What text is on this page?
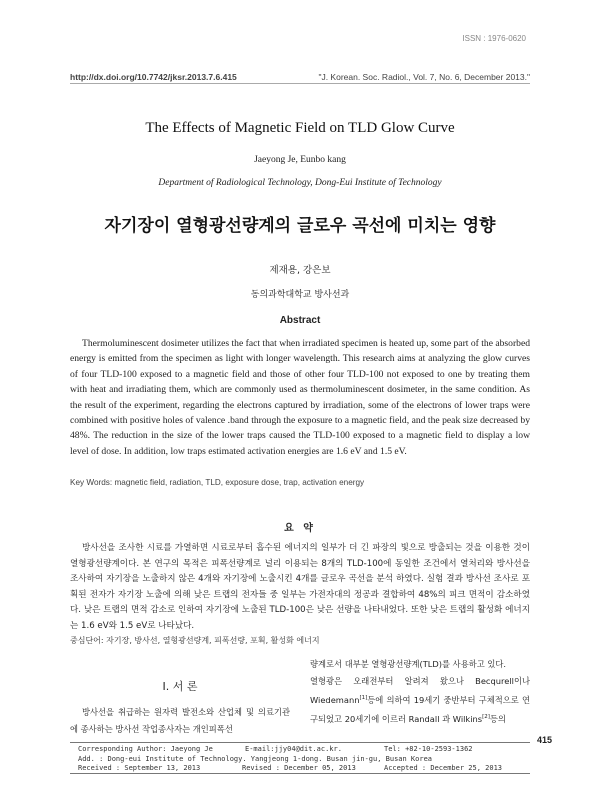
ISSN : 1976-0620
http://dx.doi.org/10.7742/jksr.2013.7.6.415	"J. Korean. Soc. Radiol., Vol. 7, No. 6, December 2013."
The Effects of Magnetic Field on TLD Glow Curve
Jaeyong Je, Eunbo kang
Department of Radiological Technology, Dong-Eui Institute of Technology
자기장이 열형광선량계의 글로우 곡선에 미치는 영향
제재용, 강은보
동의과학대학교 방사선과
Abstract
Thermoluminescent dosimeter utilizes the fact that when irradiated specimen is heated up, some part of the absorbed energy is emitted from the specimen as light with longer wavelength. This research aims at analyzing the glow curves of four TLD-100 exposed to a magnetic field and those of other four TLD-100 not exposed to one by treating them with heat and irradiating them, which are commonly used as thermoluminescent dosimeter, in the same condition. As the result of the experiment, regarding the electrons captured by irradiation, some of the electrons of lower traps were combined with positive holes of valence .band through the exposure to a magnetic field, and the peak size decreased by 48%. The reduction in the size of the lower traps caused the TLD-100 exposed to a magnetic field to display a low level of dose. In addition, low traps estimated activation energies are 1.6 eV and 1.5 eV.
Key Words: magnetic field, radiation, TLD, exposure dose, trap, activation energy
요 약
방사선을 조사한 시료를 가열하면 시료로부터 흡수된 에너지의 일부가 더 긴 파장의 빛으로 방출되는 것을 이용한 것이 열형광선량계이다. 본 연구의 목적은 피폭선량계로 널리 이용되는 8개의 TLD-100에 동일한 조건에서 열처리와 방사선을 조사하여 자기장을 노출하지 않은 4개와 자기장에 노출시킨 4개를 글로우 곡선을 분석 하였다. 실험 결과 방사선 조사로 포획된 전자가 자기장 노출에 의해 낮은 트랩의 전자들 중 일부는 가전자대의 정공과 결합하여 48%의 피크 면적이 감소하였다. 낮은 트랩의 면적 감소로 인하여 자기장에 노출된 TLD-100은 낮은 선량을 나타내었다. 또한 낮은 트랩의 활성화 에너지는 1.6 eV와 1.5 eV로 나타났다.
중심단어: 자기장, 방사선, 열형광선량계, 피폭선량, 포획, 활성화 에너지
Ⅰ. 서 론
방사선을 취급하는 원자력 발전소와 산업체 및 의료기관에 종사하는 방사선 작업종사자는 개인피폭선
량계로서 대부분 열형광선량계(TLD)를 사용하고 있다.
열형광은 오래전부터 알려져 왔으나 Becqurell이나 Wiedemann[1]등에 의하여 19세기 중반부터 구체적으로 연구되었고 20세기에 이르러 Randall 과 Wilkins[2]등의
415
Corresponding Author: Jaeyong Je	E-mail:jjy04@dit.ac.kr.	Tel: +82-10-2593-1362
Add. : Dong-eui Institute of Technology. Yangjeong 1-dong. Busan jin-gu, Busan Korea
Received : September 13, 2013	Revised : December 05, 2013	Accepted : December 25, 2013
